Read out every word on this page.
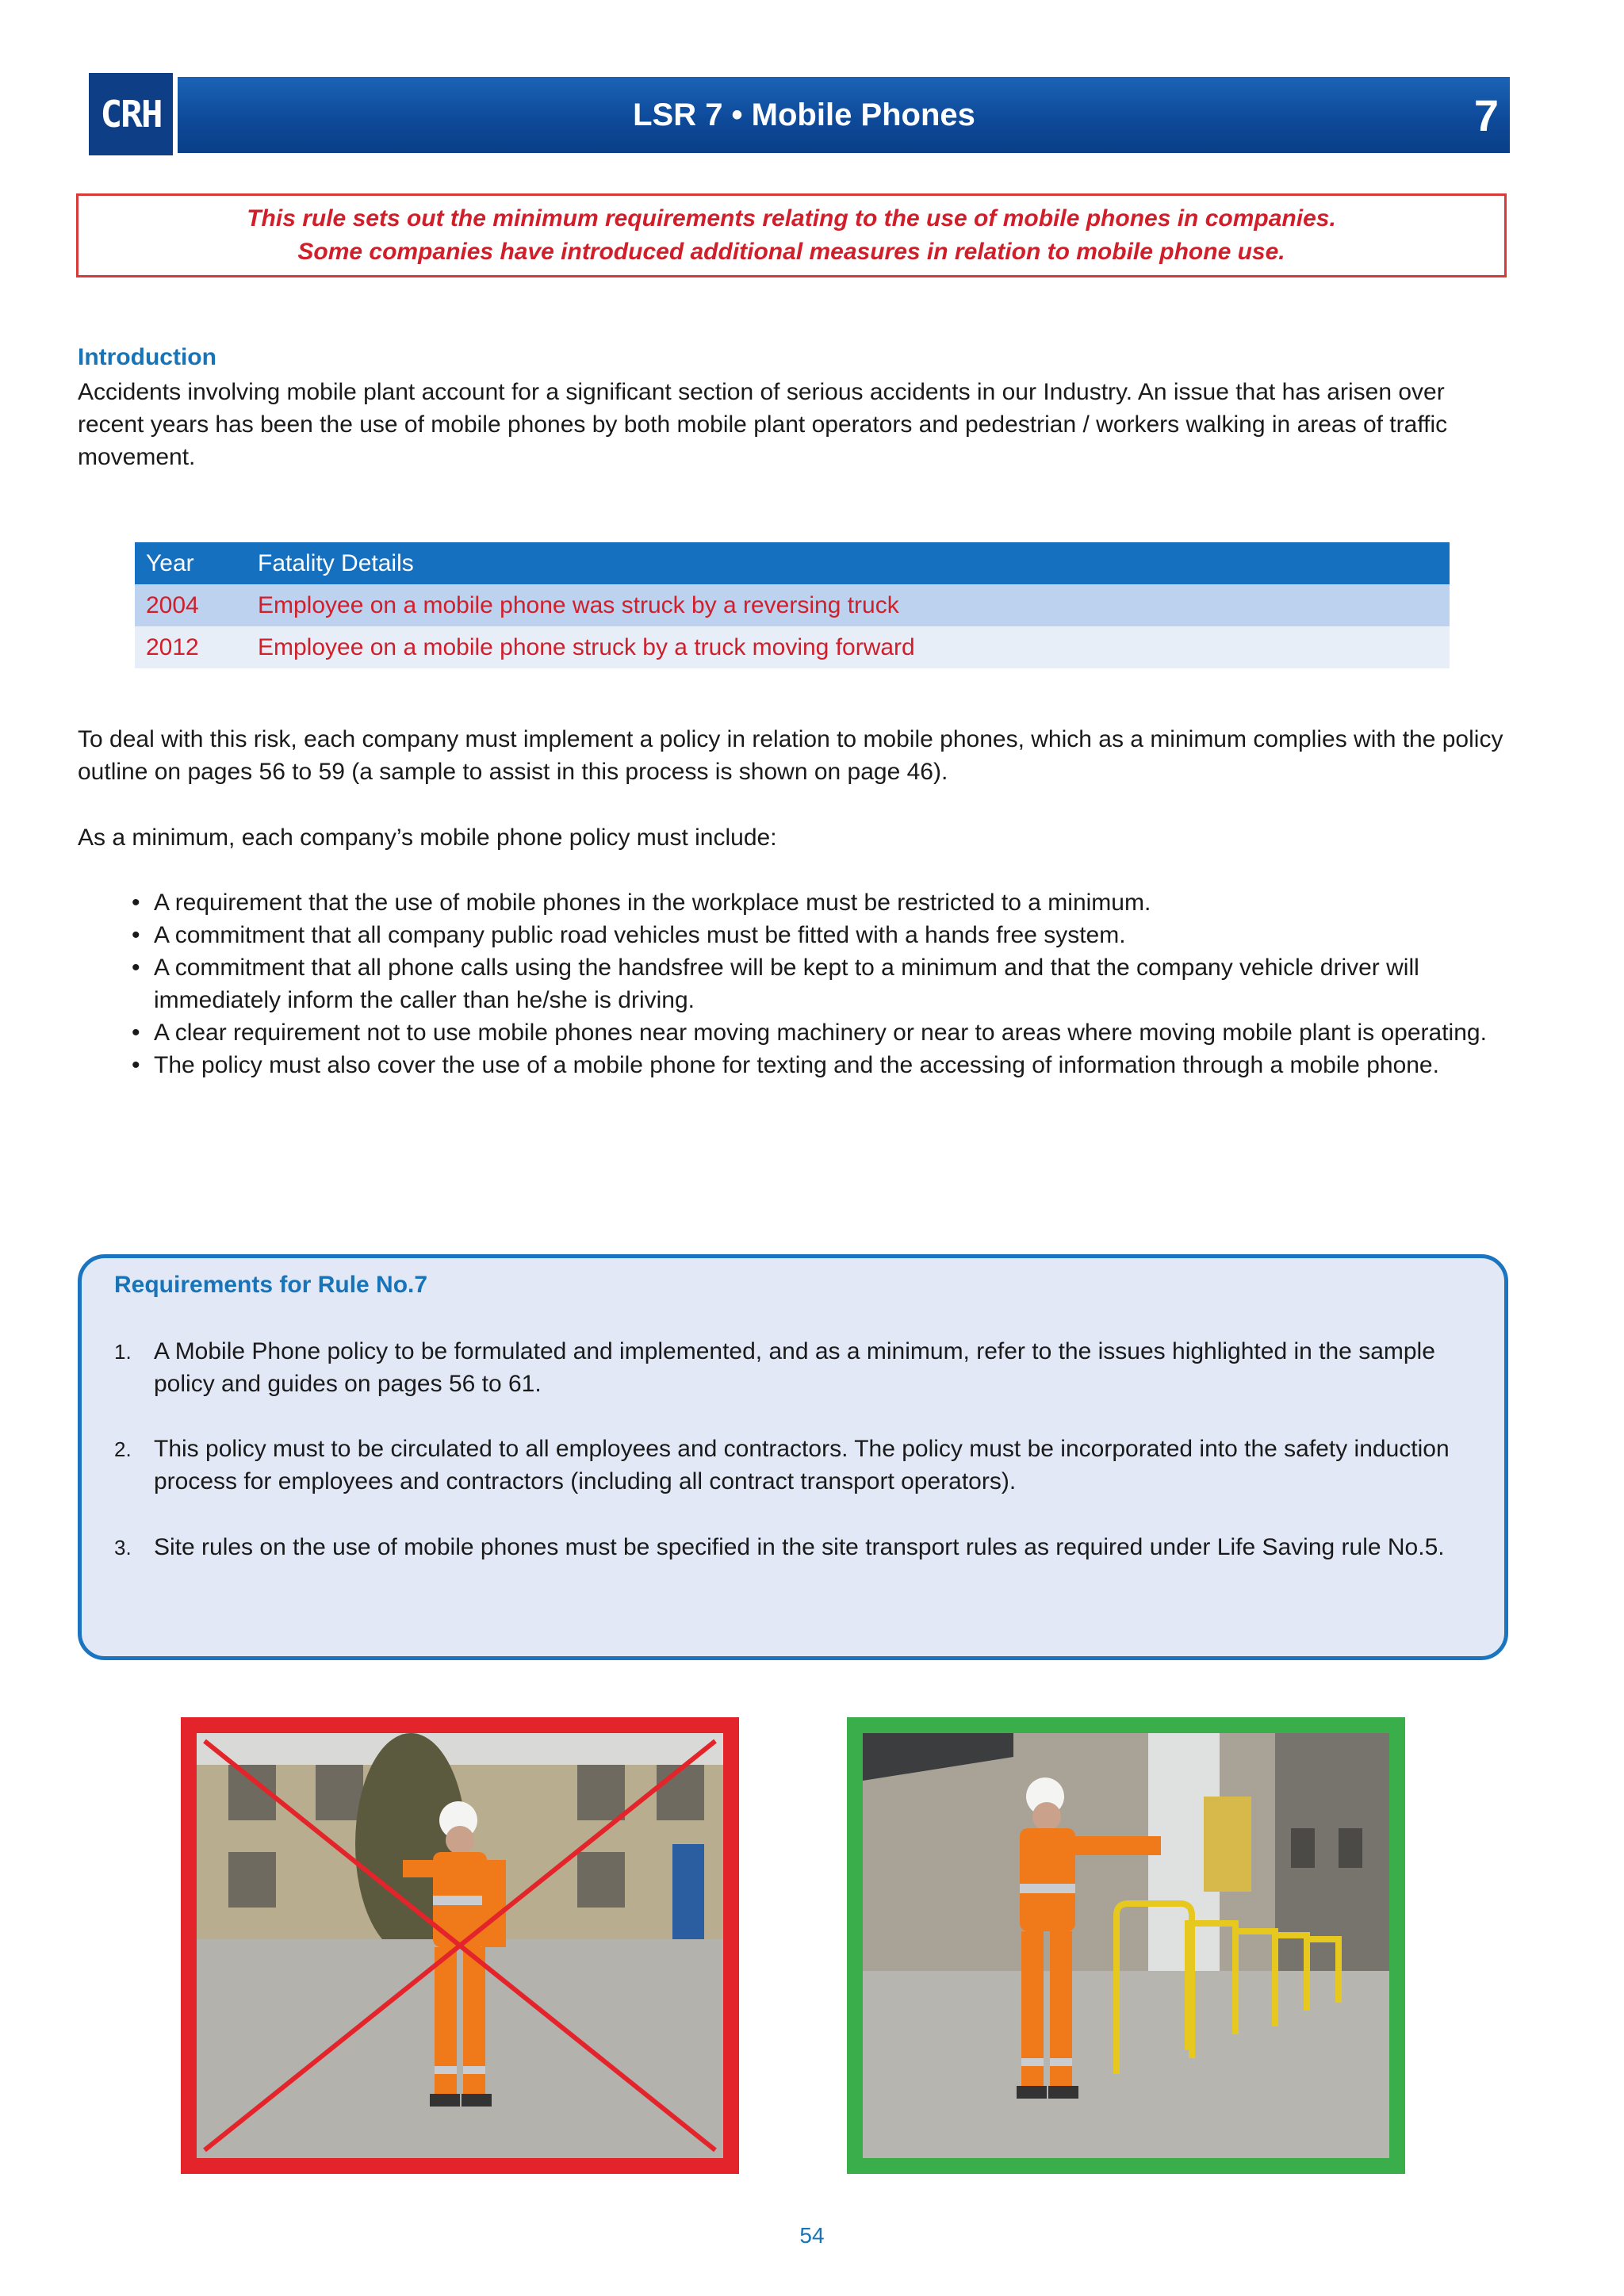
CRH	LSR 7 • Mobile Phones	7
This rule sets out the minimum requirements relating to the use of mobile phones in companies.
Some companies have introduced additional measures in relation to mobile phone use.
Introduction
Accidents involving mobile plant account for a significant section of serious accidents in our Industry. An issue that has arisen over recent years has been the use of mobile phones by both mobile plant operators and pedestrian / workers walking in areas of traffic movement.
Year	Fatality Details
2004	Employee on a mobile phone was struck by a reversing truck
2012	Employee on a mobile phone struck by a truck moving forward
To deal with this risk, each company must implement a policy in relation to mobile phones, which as a minimum complies with the policy outline on pages 56 to 59 (a sample to assist in this process is shown on page 46).
As a minimum, each company’s mobile phone policy must include:
• A requirement that the use of mobile phones in the workplace must be restricted to a minimum.
• A commitment that all company public road vehicles must be fitted with a hands free system.
• A commitment that all phone calls using the handsfree will be kept to a minimum and that the company vehicle driver will immediately inform the caller than he/she is driving.
• A clear requirement not to use mobile phones near moving machinery or near to areas where moving mobile plant is operating.
• The policy must also cover the use of a mobile phone for texting and the accessing of information through a mobile phone.
Requirements for Rule No.7
1. A Mobile Phone policy to be formulated and implemented, and as a minimum, refer to the issues highlighted in the sample policy and guides on pages 56 to 61.
2. This policy must to be circulated to all employees and contractors. The policy must be incorporated into the safety induction process for employees and contractors (including all contract transport operators).
3. Site rules on the use of mobile phones must be specified in the site transport rules as required under Life Saving rule No.5.
54
